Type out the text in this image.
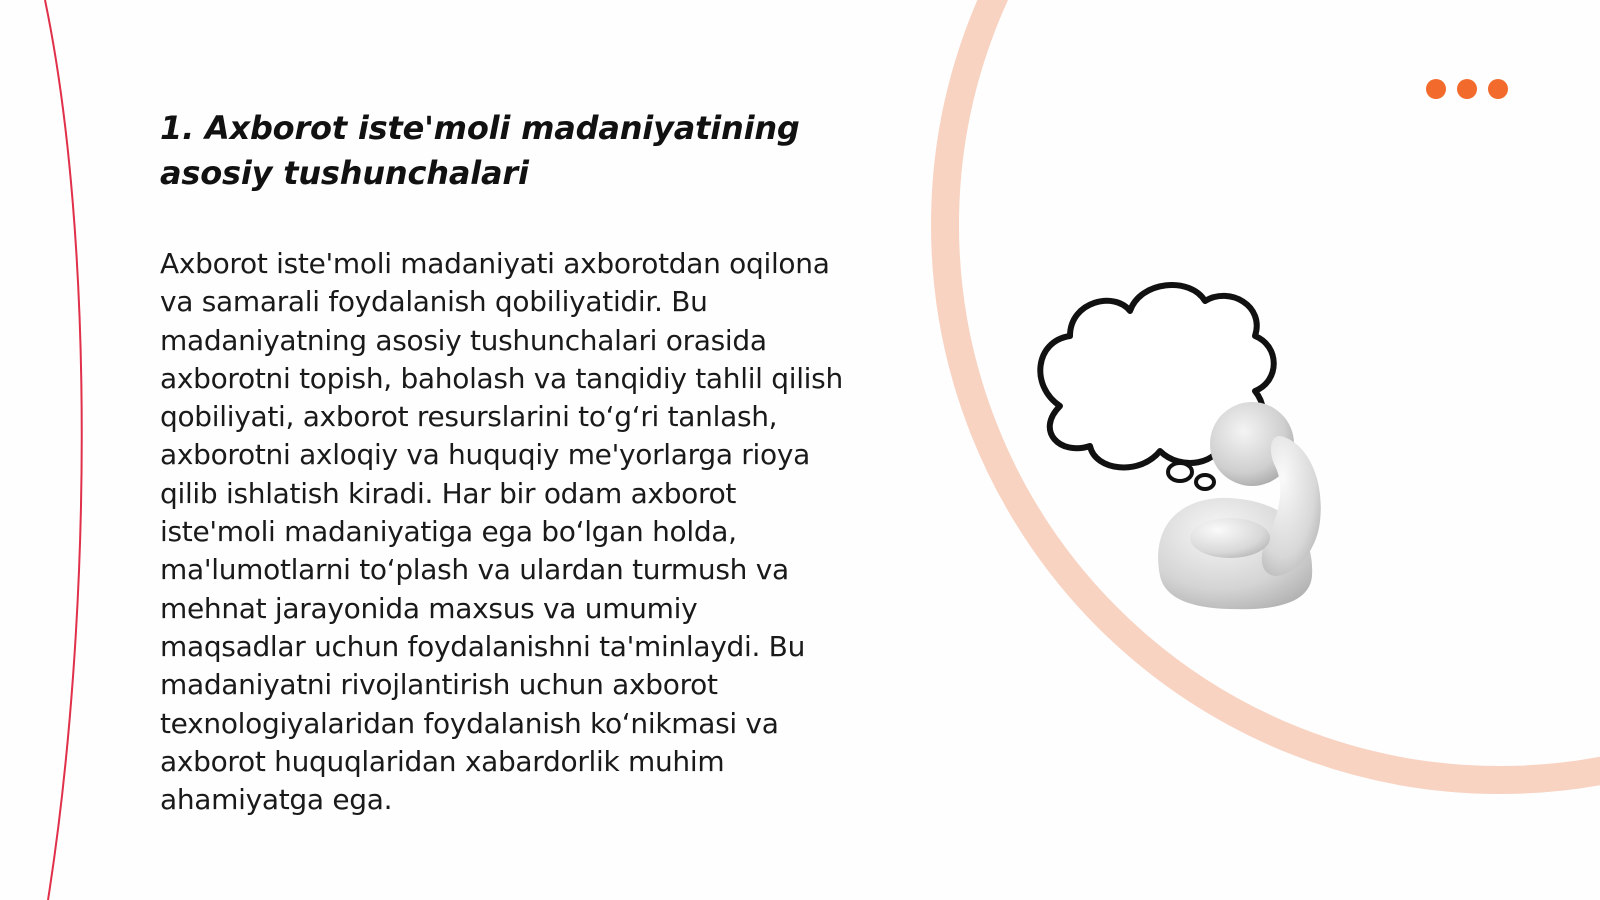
1. Axborot iste'moli madaniyatining asosiy tushunchalari

Axborot iste'moli madaniyati axborotdan oqilona va samarali foydalanish qobiliyatidir. Bu madaniyatning asosiy tushunchalari orasida axborotni topish, baholash va tanqidiy tahlil qilish qobiliyati, axborot resurslarini to‘g‘ri tanlash, axborotni axloqiy va huquqiy me'yorlarga rioya qilib ishlatish kiradi. Har bir odam axborot iste'moli madaniyatiga ega bo‘lgan holda, ma'lumotlarni to‘plash va ulardan turmush va mehnat jarayonida maxsus va umumiy maqsadlar uchun foydalanishni ta'minlaydi. Bu madaniyatni rivojlantirish uchun axborot texnologiyalaridan foydalanish ko‘nikmasi va axborot huquqlaridan xabardorlik muhim ahamiyatga ega.
